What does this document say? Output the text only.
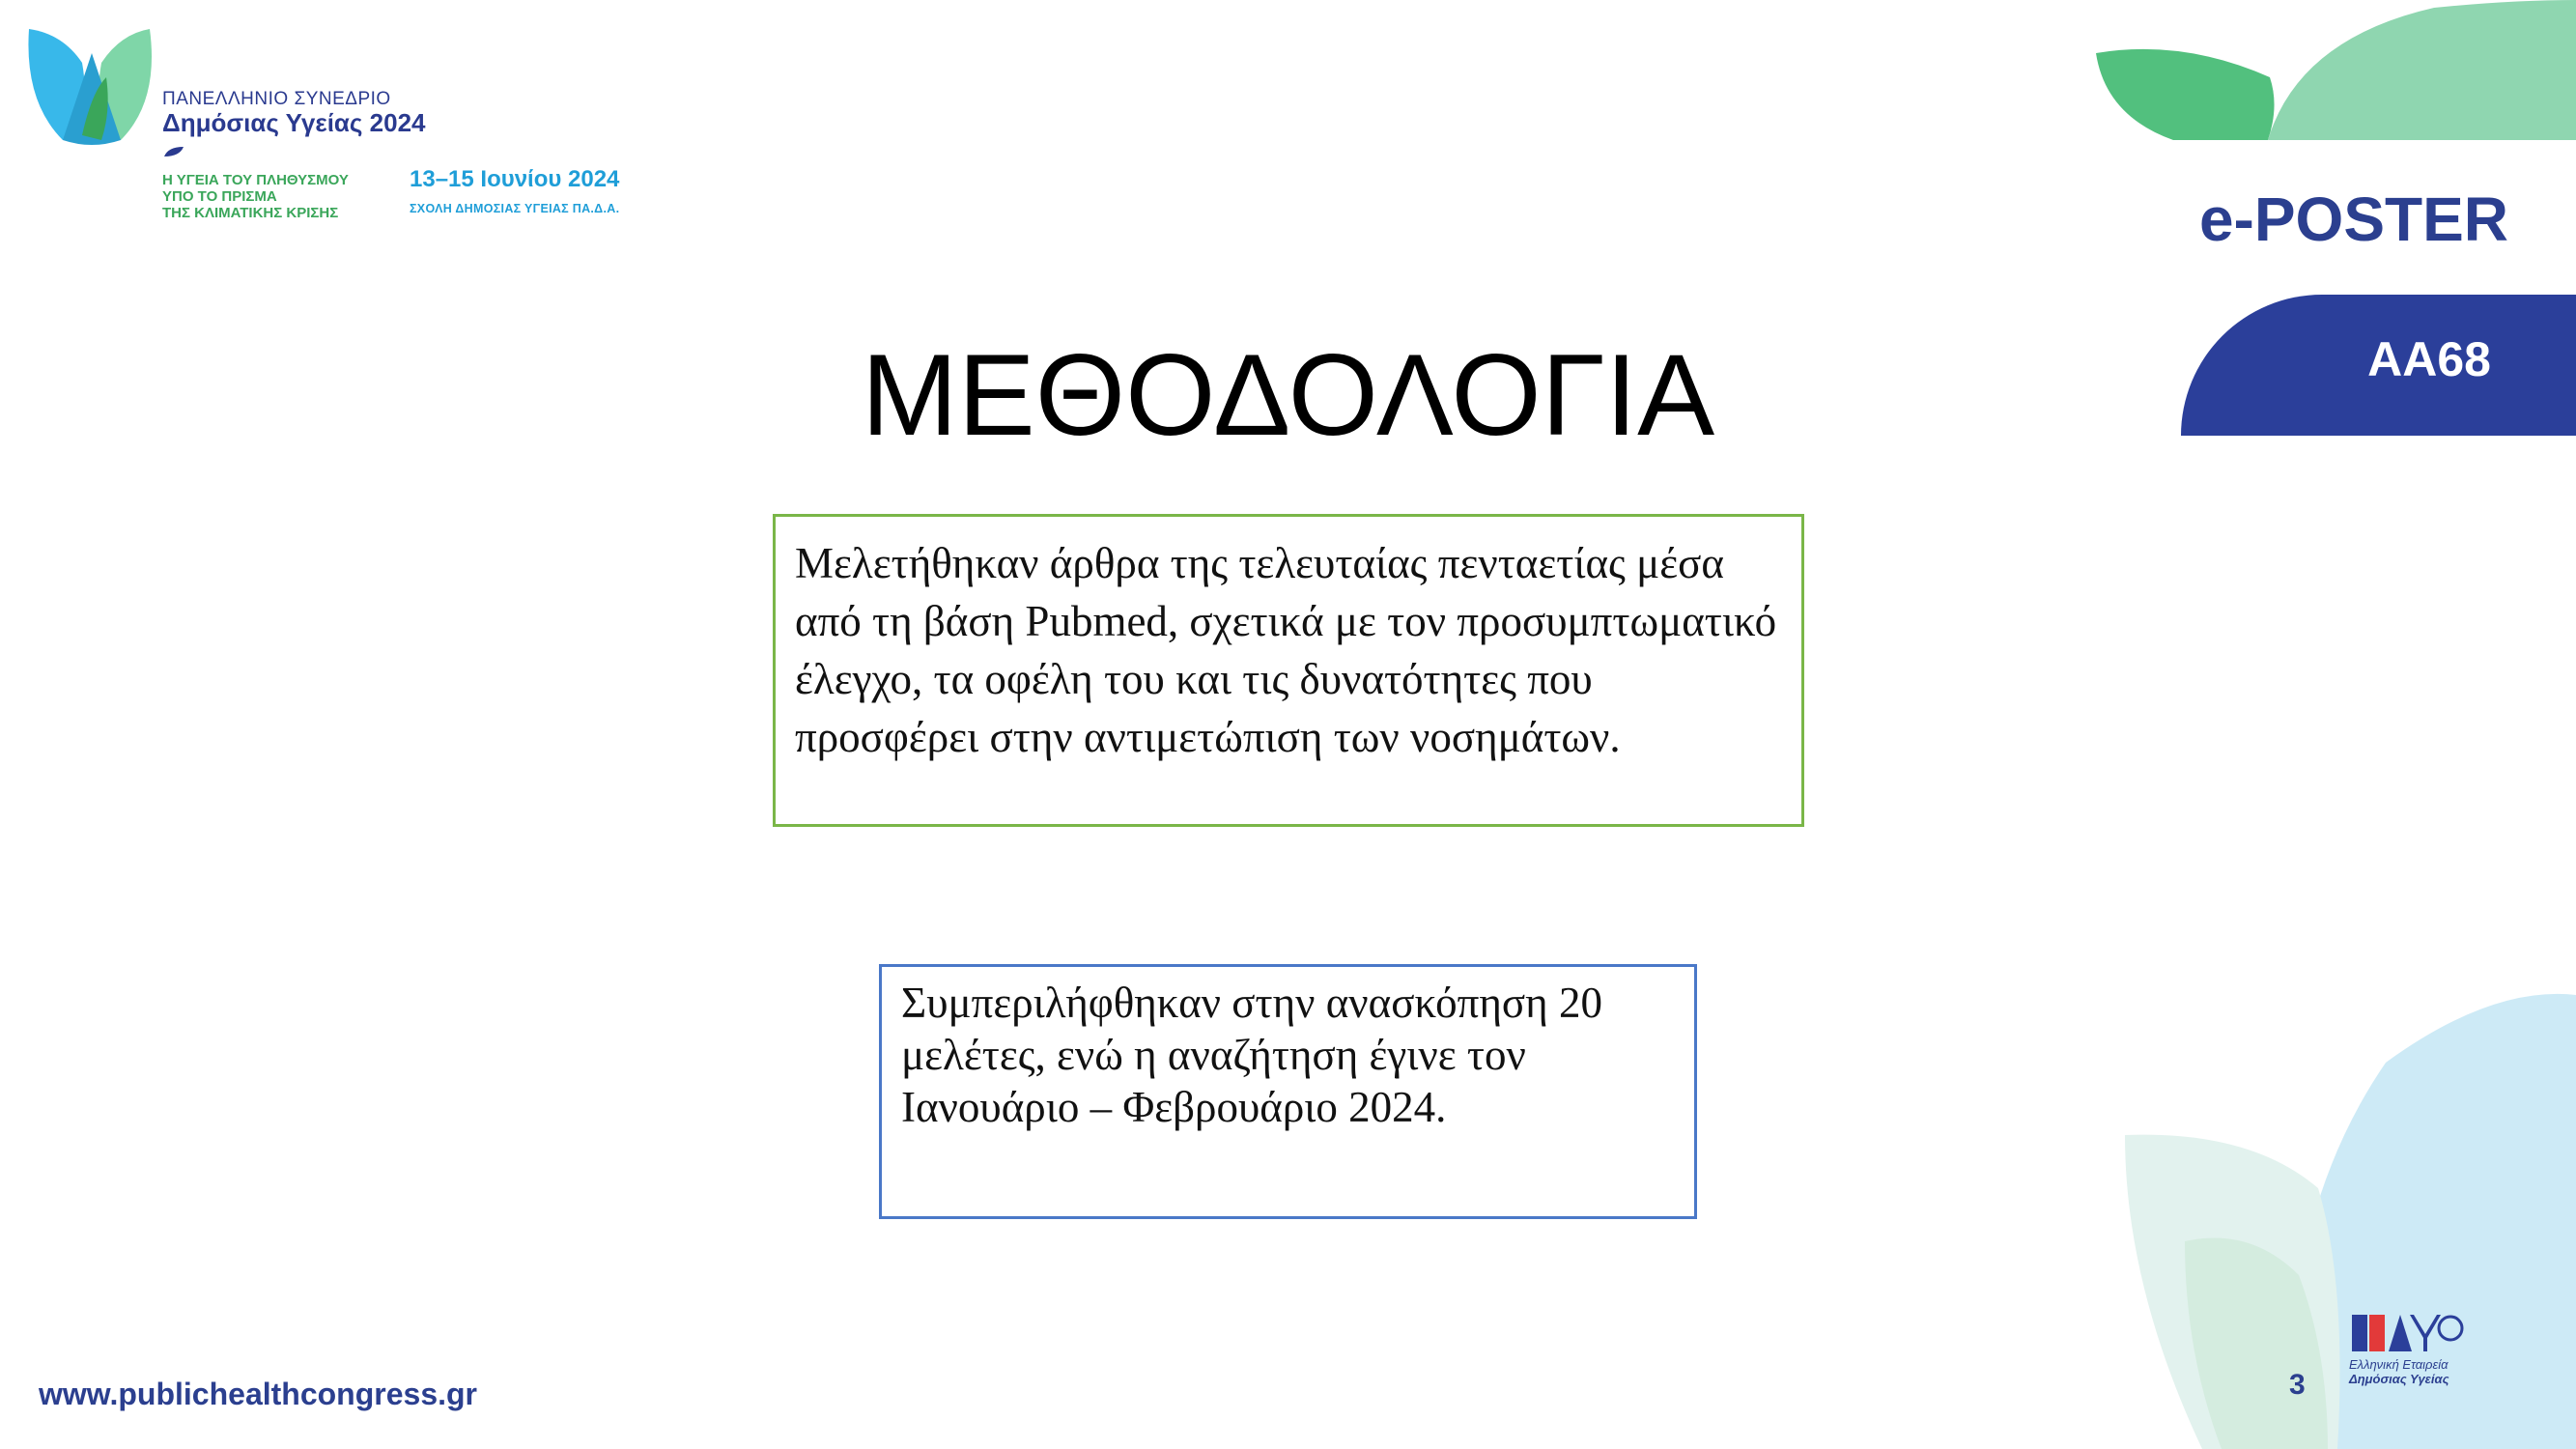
ΠΑΝΕΛΛΗΝΙΟ ΣΥΝΕΔΡΙΟ
Δημόσιας Υγείας 2024
Η ΥΓΕΙΑ ΤΟΥ ΠΛΗΘΥΣΜΟΥ
ΥΠΟ ΤΟ ΠΡΙΣΜΑ
ΤΗΣ ΚΛΙΜΑΤΙΚΗΣ ΚΡΙΣΗΣ
13–15 Ιουνίου 2024
ΣΧΟΛΗ ΔΗΜΟΣΙΑΣ ΥΓΕΙΑΣ ΠΑ.Δ.Α.	e-POSTER
AA68
ΜΕΘΟΔΟΛΟΓΙΑ
Μελετήθηκαν άρθρα της τελευταίας πενταετίας μέσα από τη βάση Pubmed, σχετικά με τον προσυμπτωματικό έλεγχο, τα οφέλη του και τις δυνατότητες που προσφέρει στην αντιμετώπιση των νοσημάτων.
Συμπεριλήφθηκαν στην ανασκόπηση 20 μελέτες, ενώ η αναζήτηση έγινε τον Ιανουάριο – Φεβρουάριο 2024.
www.publichealthcongress.gr	3
Ελληνική Εταιρεία
Δημόσιας Υγείας
